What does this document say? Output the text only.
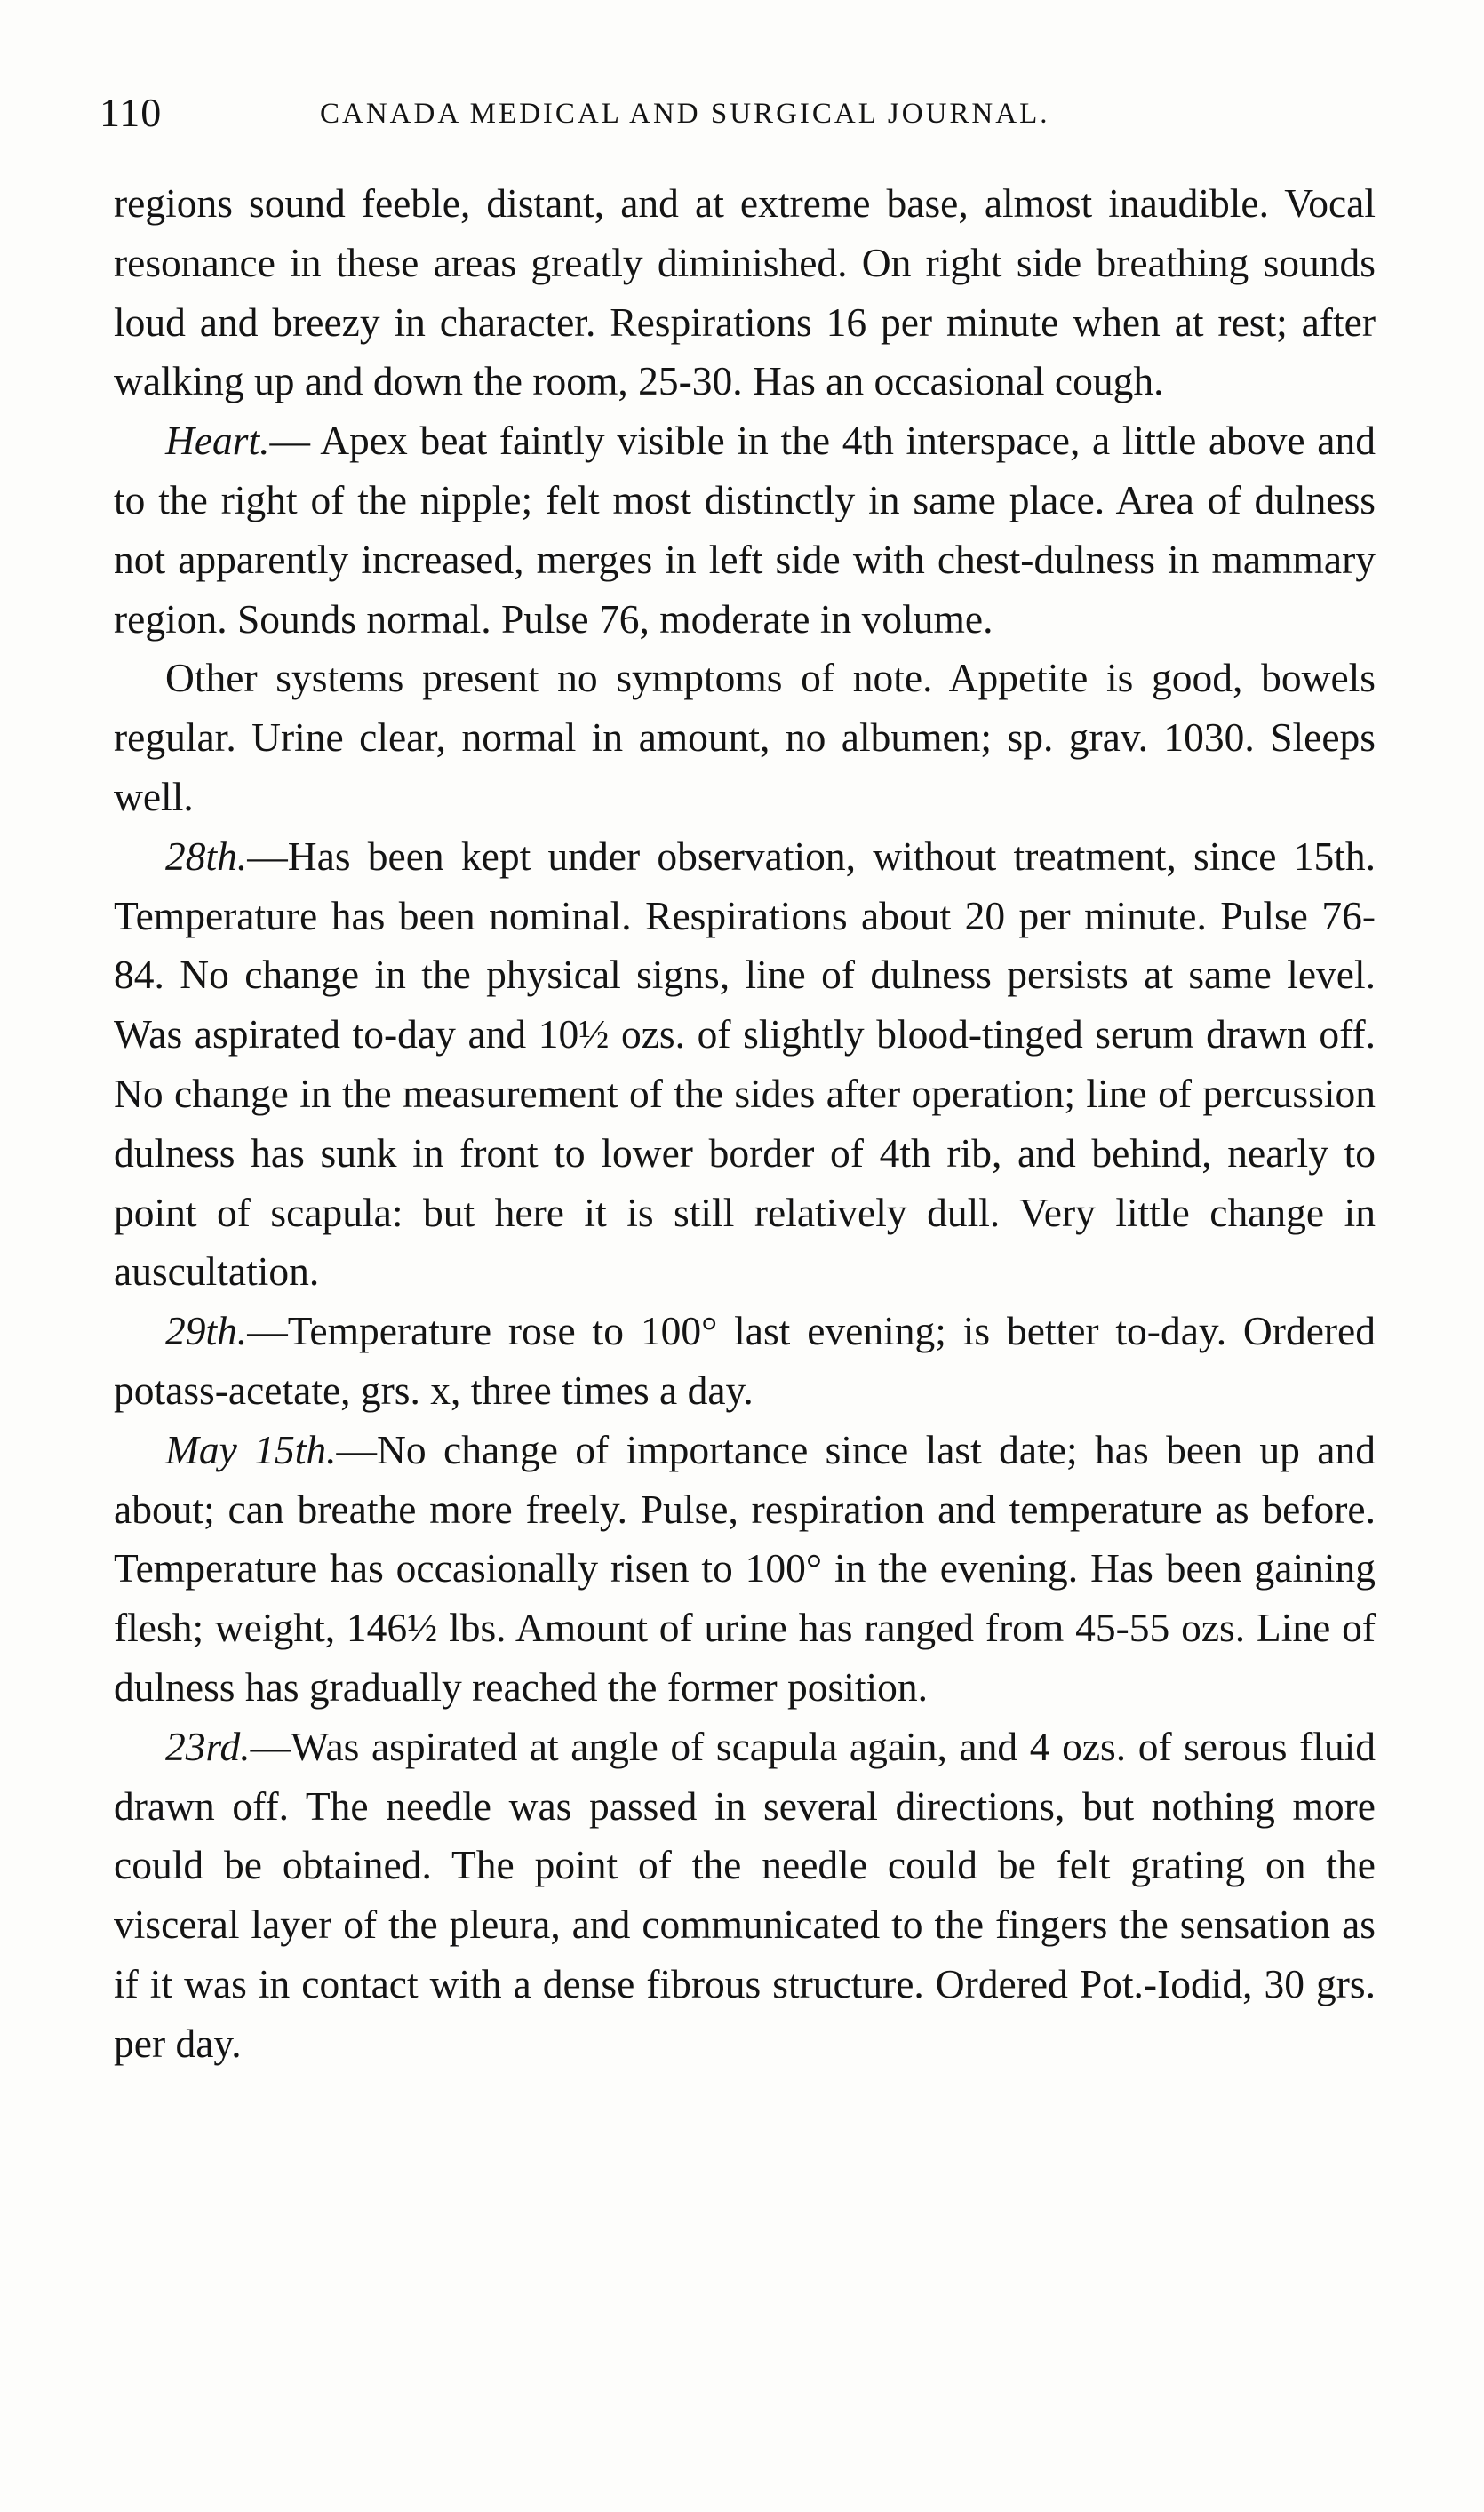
110	CANADA MEDICAL AND SURGICAL JOURNAL.

regions sound feeble, distant, and at extreme base, almost inaudible. Vocal resonance in these areas greatly diminished. On right side breathing sounds loud and breezy in character. Respirations 16 per minute when at rest; after walking up and down the room, 25-30. Has an occasional cough.

Heart.— Apex beat faintly visible in the 4th interspace, a little above and to the right of the nipple; felt most distinctly in same place. Area of dulness not apparently increased, merges in left side with chest-dulness in mammary region. Sounds normal. Pulse 76, moderate in volume.

Other systems present no symptoms of note. Appetite is good, bowels regular. Urine clear, normal in amount, no albumen; sp. grav. 1030. Sleeps well.

28th.—Has been kept under observation, without treatment, since 15th. Temperature has been nominal. Respirations about 20 per minute. Pulse 76-84. No change in the physical signs, line of dulness persists at same level. Was aspirated to-day and 10½ ozs. of slightly blood-tinged serum drawn off. No change in the measurement of the sides after operation; line of percussion dulness has sunk in front to lower border of 4th rib, and behind, nearly to point of scapula: but here it is still relatively dull. Very little change in auscultation.

29th.—Temperature rose to 100° last evening; is better to-day. Ordered potass-acetate, grs. x, three times a day.

May 15th.—No change of importance since last date; has been up and about; can breathe more freely. Pulse, respiration and temperature as before. Temperature has occasionally risen to 100° in the evening. Has been gaining flesh; weight, 146½ lbs. Amount of urine has ranged from 45-55 ozs. Line of dulness has gradually reached the former position.

23rd.—Was aspirated at angle of scapula again, and 4 ozs. of serous fluid drawn off. The needle was passed in several directions, but nothing more could be obtained. The point of the needle could be felt grating on the visceral layer of the pleura, and communicated to the fingers the sensation as if it was in contact with a dense fibrous structure. Ordered Pot.-Iodid, 30 grs. per day.
